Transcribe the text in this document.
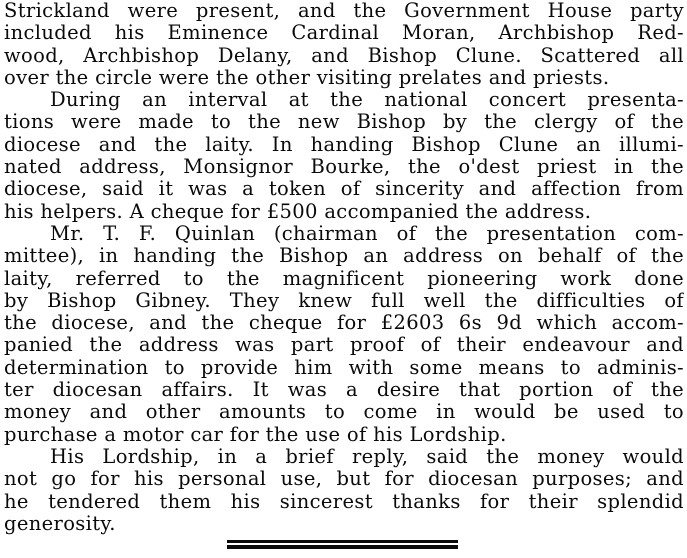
Strickland were present, and the Government House party
included his Eminence Cardinal Moran, Archbishop Red-
wood, Archbishop Delany, and Bishop Clune. Scattered all
over the circle were the other visiting prelates and priests.
During an interval at the national concert presenta-
tions were made to the new Bishop by the clergy of the
diocese and the laity. In handing Bishop Clune an illumi-
nated address, Monsignor Bourke, the o'dest priest in the
diocese, said it was a token of sincerity and affection from
his helpers. A cheque for £500 accompanied the address.
Mr. T. F. Quinlan (chairman of the presentation com-
mittee), in handing the Bishop an address on behalf of the
laity, referred to the magnificent pioneering work done
by Bishop Gibney. They knew full well the difficulties of
the diocese, and the cheque for £2603 6s 9d which accom-
panied the address was part proof of their endeavour and
determination to provide him with some means to adminis-
ter diocesan affairs. It was a desire that portion of the
money and other amounts to come in would be used to
purchase a motor car for the use of his Lordship.
His Lordship, in a brief reply, said the money would
not go for his personal use, but for diocesan purposes; and
he tendered them his sincerest thanks for their splendid
generosity.
